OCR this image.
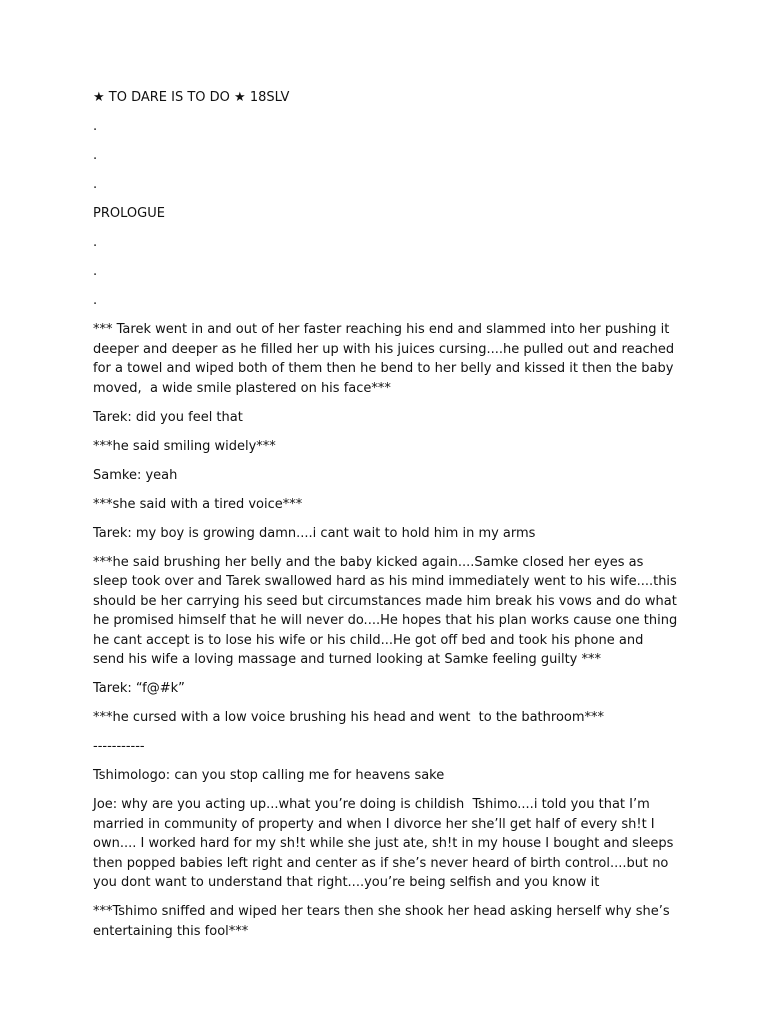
★ TO DARE IS TO DO ★ 18SLV

.

.

.

PROLOGUE

.

.

.

*** Tarek went in and out of her faster reaching his end and slammed into her pushing it deeper and deeper as he filled her up with his juices cursing....he pulled out and reached for a towel and wiped both of them then he bend to her belly and kissed it then the baby moved,  a wide smile plastered on his face***

Tarek: did you feel that

***he said smiling widely***

Samke: yeah

***she said with a tired voice***

Tarek: my boy is growing damn....i cant wait to hold him in my arms

***he said brushing her belly and the baby kicked again....Samke closed her eyes as sleep took over and Tarek swallowed hard as his mind immediately went to his wife....this should be her carrying his seed but circumstances made him break his vows and do what he promised himself that he will never do....He hopes that his plan works cause one thing he cant accept is to lose his wife or his child...He got off bed and took his phone and send his wife a loving massage and turned looking at Samke feeling guilty ***

Tarek: “f@#k”

***he cursed with a low voice brushing his head and went  to the bathroom***

-----------

Tshimologo: can you stop calling me for heavens sake

Joe: why are you acting up...what you’re doing is childish  Tshimo....i told you that I’m married in community of property and when I divorce her she’ll get half of every sh!t I own.... I worked hard for my sh!t while she just ate, sh!t in my house I bought and sleeps then popped babies left right and center as if she’s never heard of birth control....but no you dont want to understand that right....you’re being selfish and you know it

***Tshimo sniffed and wiped her tears then she shook her head asking herself why she’s entertaining this fool***
